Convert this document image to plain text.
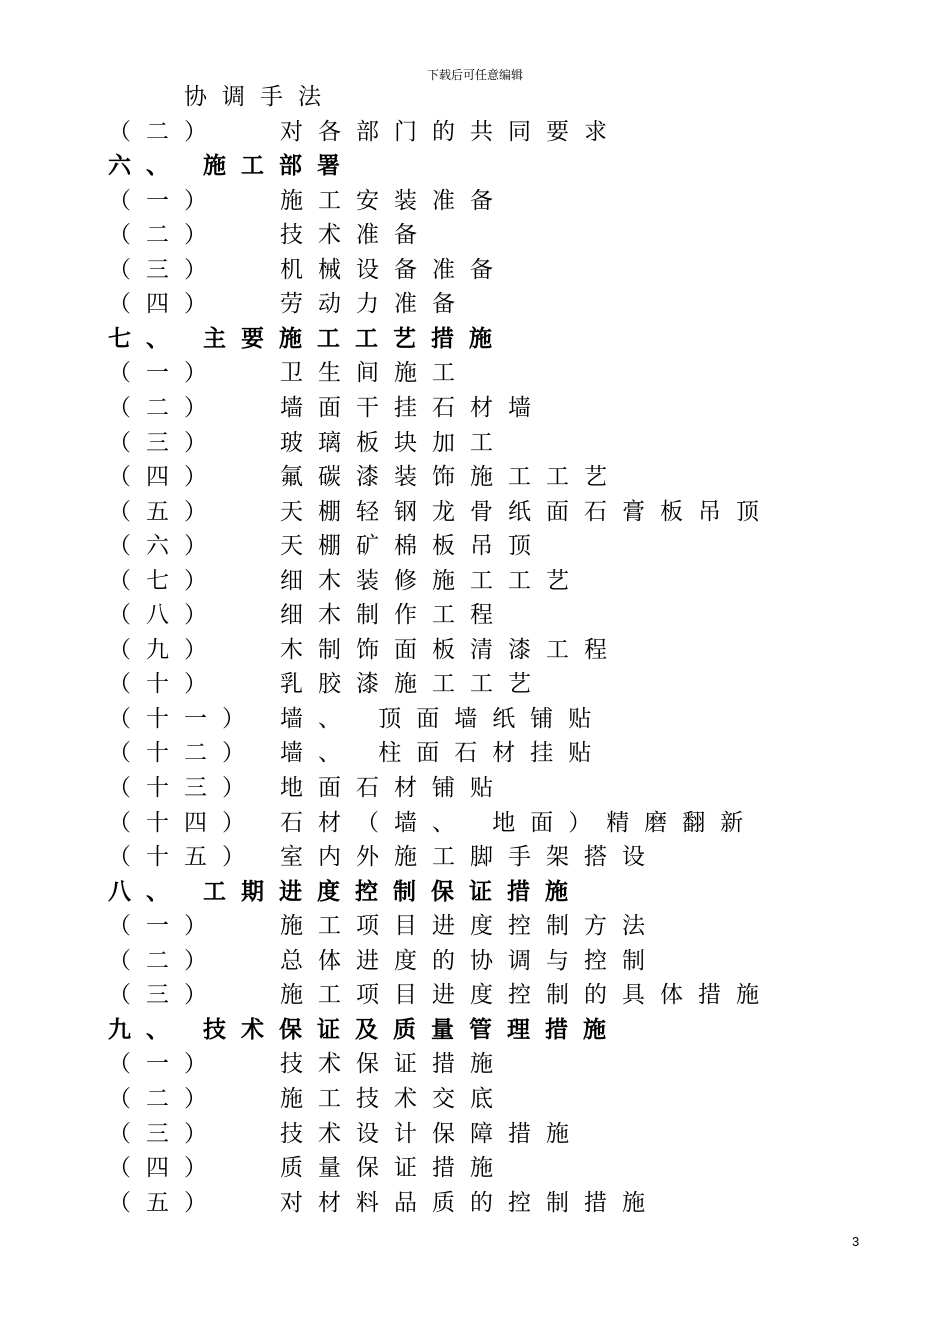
下载后可任意编辑
协调手法
（二）	对各部门的共同要求
六、 施工部署
（一）	施工安装准备
（二）	技术准备
（三）	机械设备准备
（四）	劳动力准备
七、 主要施工工艺措施
（一）	卫生间施工
（二）	墙面干挂石材墙
（三）	玻璃板块加工
（四）	氟碳漆装饰施工工艺
（五）	天棚轻钢龙骨纸面石膏板吊顶
（六）	天棚矿棉板吊顶
（七）	细木装修施工工艺
（八）	细木制作工程
（九）	木制饰面板清漆工程
（十）	乳胶漆施工工艺
（十一） 墙、 顶面墙纸铺贴
（十二） 墙、 柱面石材挂贴
（十三） 地面石材铺贴
（十四） 石材（墙、 地面）精磨翻新
（十五） 室内外施工脚手架搭设
八、 工期进度控制保证措施
（一）	施工项目进度控制方法
（二）	总体进度的协调与控制
（三）	施工项目进度控制的具体措施
九、 技术保证及质量管理措施
（一）	技术保证措施
（二）	施工技术交底
（三）	技术设计保障措施
（四）	质量保证措施
（五）	对材料品质的控制措施
3
